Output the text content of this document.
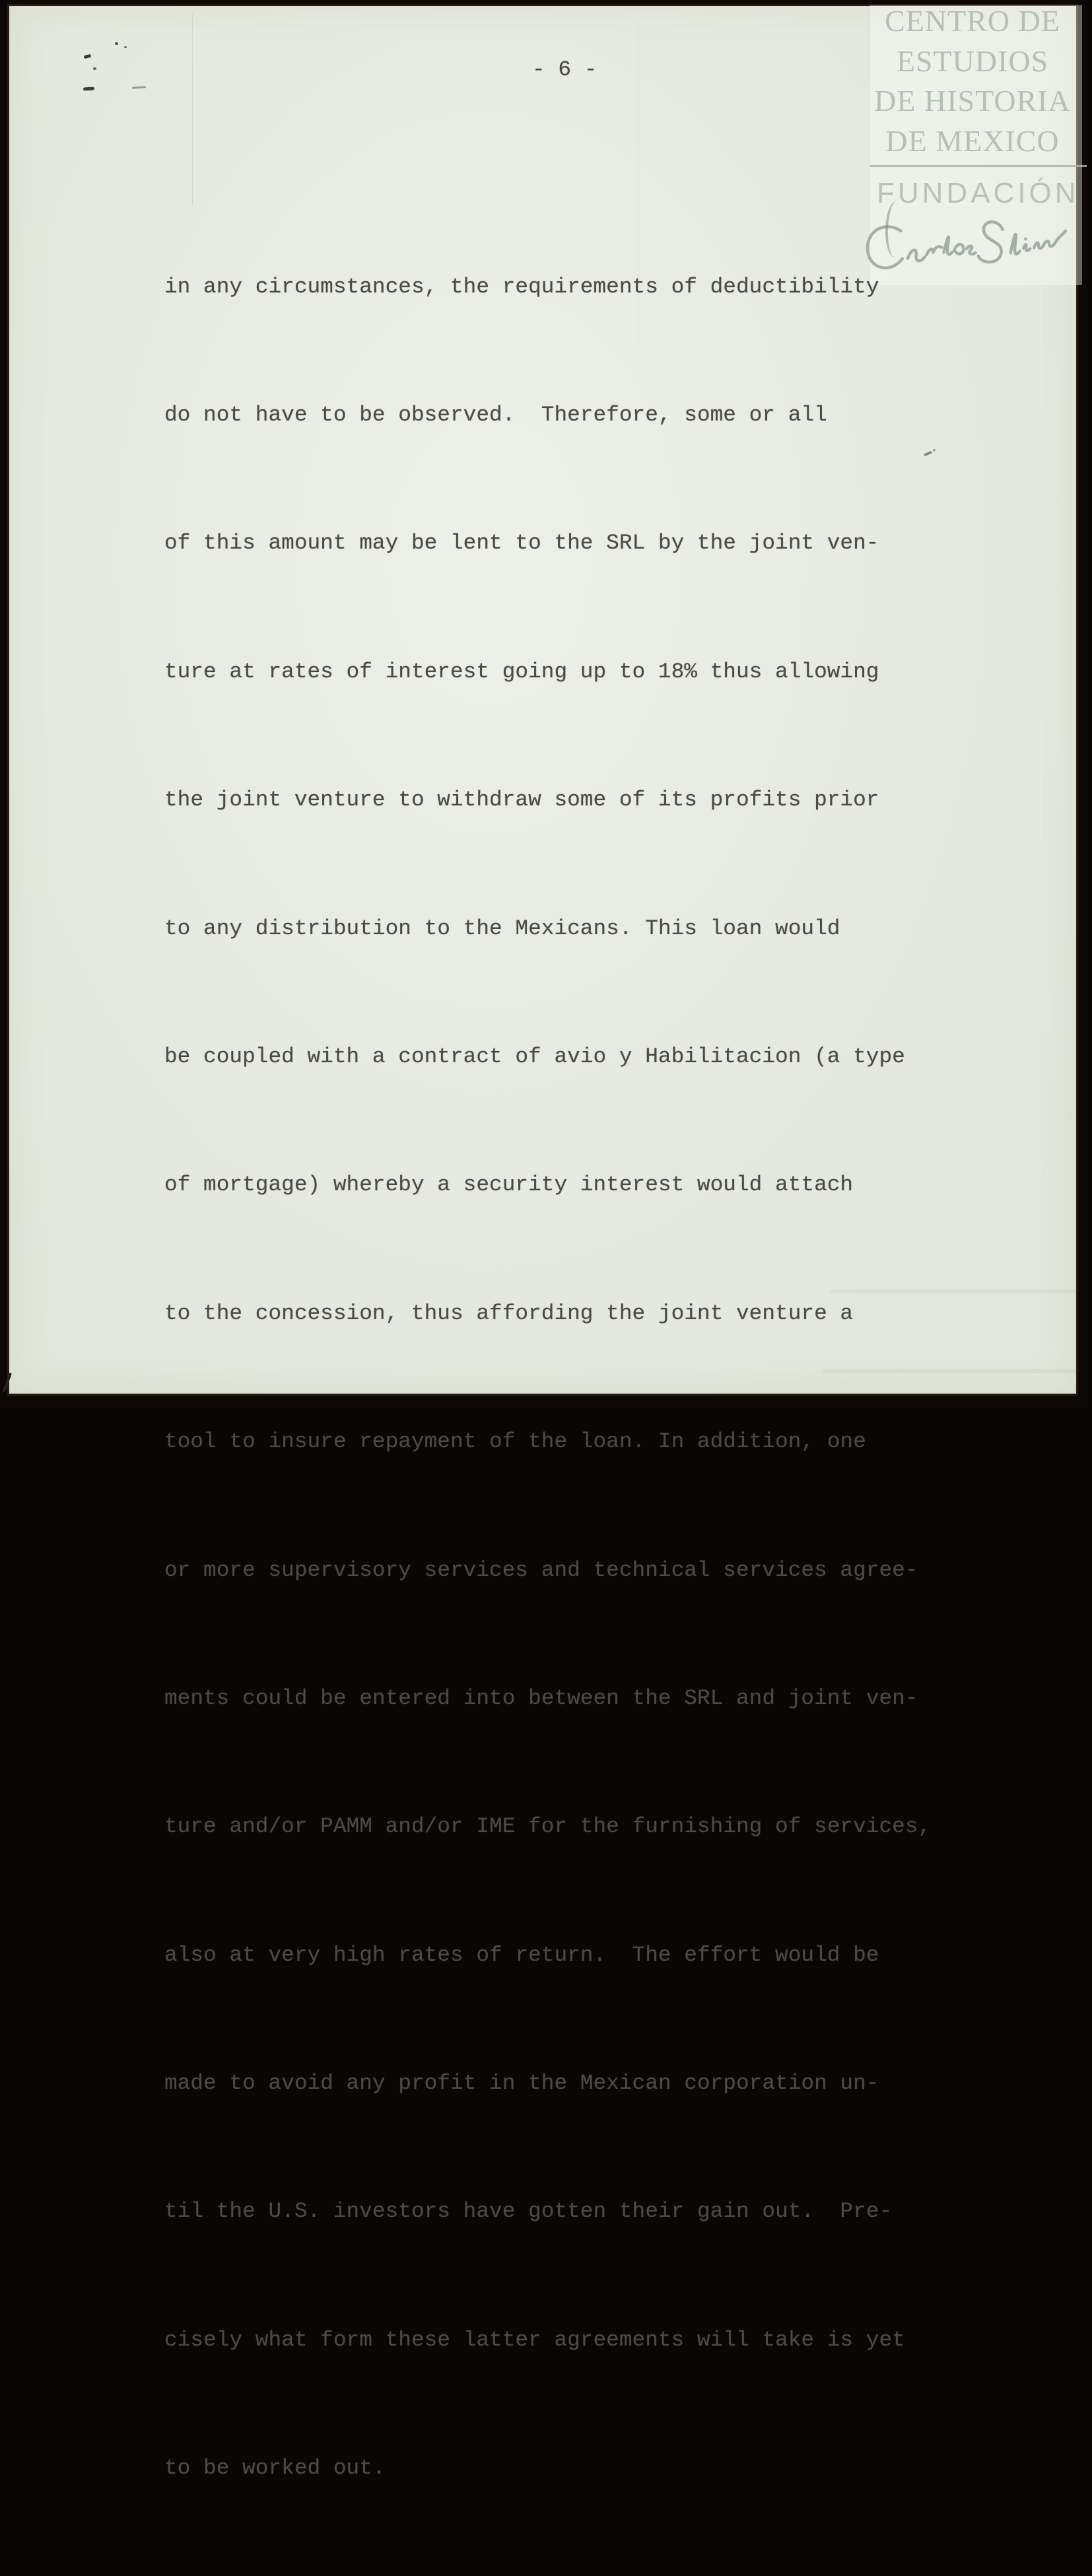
CENTRO DE
ESTUDIOS
DE HISTORIA
DE MEXICO
FUNDACIÓN
- 6 -

in any circumstances, the requirements of deductibility

do not have to be observed.  Therefore, some or all

of this amount may be lent to the SRL by the joint ven-

ture at rates of interest going up to 18% thus allowing

the joint venture to withdraw some of its profits prior

to any distribution to the Mexicans. This loan would

be coupled with a contract of avio y Habilitacion (a type

of mortgage) whereby a security interest would attach

to the concession, thus affording the joint venture a

tool to insure repayment of the loan. In addition, one

or more supervisory services and technical services agree-

ments could be entered into between the SRL and joint ven-

ture and/or PAMM and/or IME for the furnishing of services,

also at very high rates of return.  The effort would be

made to avoid any profit in the Mexican corporation un-

til the U.S. investors have gotten their gain out.  Pre-

cisely what form these latter agreements will take is yet

to be worked out.
